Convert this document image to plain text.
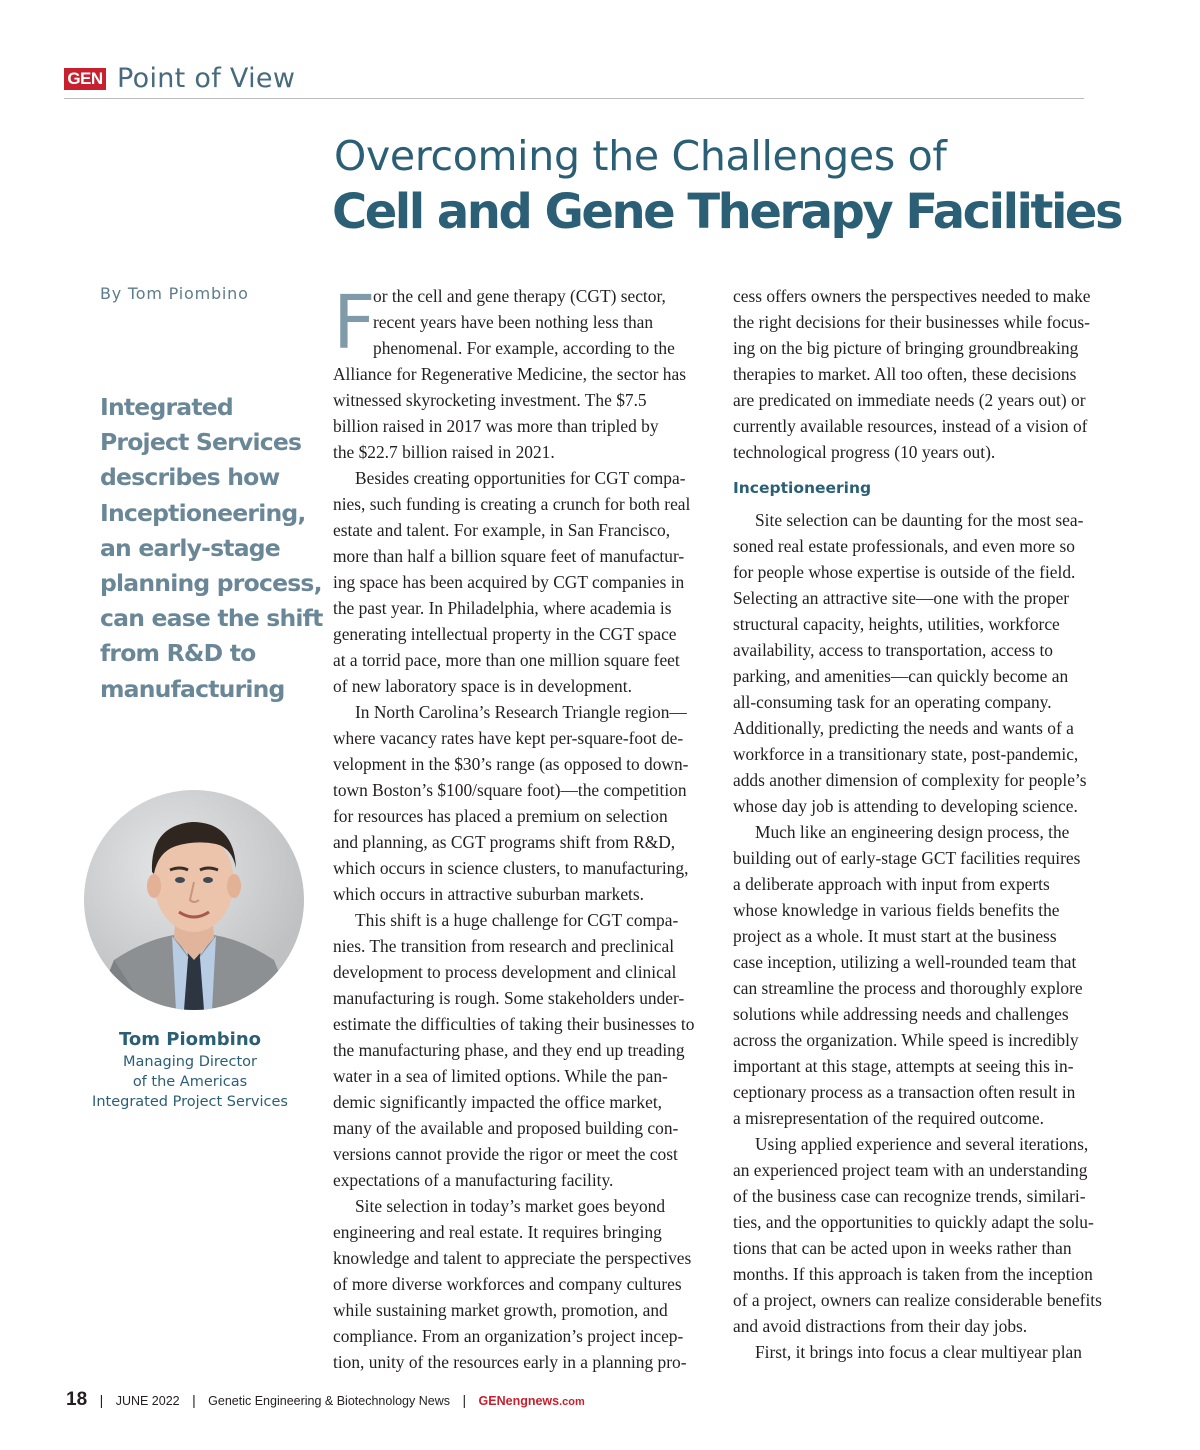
GEN Point of View
Overcoming the Challenges of
Cell and Gene Therapy Facilities
By Tom Piombino
Integrated
Project Services
describes how
Inceptioneering,
an early-stage
planning process,
can ease the shift
from R&D to
manufacturing
Tom Piombino
Managing Director
of the Americas
Integrated Project Services
F
or the cell and gene therapy (CGT) sector,
recent years have been nothing less than
phenomenal. For example, according to the
Alliance for Regenerative Medicine, the sector has
witnessed skyrocketing investment. The $7.5
billion raised in 2017 was more than tripled by
the $22.7 billion raised in 2021.
Besides creating opportunities for CGT compa-
nies, such funding is creating a crunch for both real
estate and talent. For example, in San Francisco,
more than half a billion square feet of manufactur-
ing space has been acquired by CGT companies in
the past year. In Philadelphia, where academia is
generating intellectual property in the CGT space
at a torrid pace, more than one million square feet
of new laboratory space is in development.
In North Carolina’s Research Triangle region—
where vacancy rates have kept per-square-foot de-
velopment in the $30’s range (as opposed to down-
town Boston’s $100/square foot)—the competition
for resources has placed a premium on selection
and planning, as CGT programs shift from R&D,
which occurs in science clusters, to manufacturing,
which occurs in attractive suburban markets.
This shift is a huge challenge for CGT compa-
nies. The transition from research and preclinical
development to process development and clinical
manufacturing is rough. Some stakeholders under-
estimate the difficulties of taking their businesses to
the manufacturing phase, and they end up treading
water in a sea of limited options. While the pan-
demic significantly impacted the office market,
many of the available and proposed building con-
versions cannot provide the rigor or meet the cost
expectations of a manufacturing facility.
Site selection in today’s market goes beyond
engineering and real estate. It requires bringing
knowledge and talent to appreciate the perspectives
of more diverse workforces and company cultures
while sustaining market growth, promotion, and
compliance. From an organization’s project incep-
tion, unity of the resources early in a planning pro-
cess offers owners the perspectives needed to make
the right decisions for their businesses while focus-
ing on the big picture of bringing groundbreaking
therapies to market. All too often, these decisions
are predicated on immediate needs (2 years out) or
currently available resources, instead of a vision of
technological progress (10 years out).
Inceptioneering
Site selection can be daunting for the most sea-
soned real estate professionals, and even more so
for people whose expertise is outside of the field.
Selecting an attractive site—one with the proper
structural capacity, heights, utilities, workforce
availability, access to transportation, access to
parking, and amenities—can quickly become an
all-consuming task for an operating company.
Additionally, predicting the needs and wants of a
workforce in a transitionary state, post-pandemic,
adds another dimension of complexity for people’s
whose day job is attending to developing science.
Much like an engineering design process, the
building out of early-stage GCT facilities requires
a deliberate approach with input from experts
whose knowledge in various fields benefits the
project as a whole. It must start at the business
case inception, utilizing a well-rounded team that
can streamline the process and thoroughly explore
solutions while addressing needs and challenges
across the organization. While speed is incredibly
important at this stage, attempts at seeing this in-
ceptionary process as a transaction often result in
a misrepresentation of the required outcome.
Using applied experience and several iterations,
an experienced project team with an understanding
of the business case can recognize trends, similari-
ties, and the opportunities to quickly adapt the solu-
tions that can be acted upon in weeks rather than
months. If this approach is taken from the inception
of a project, owners can realize considerable benefits
and avoid distractions from their day jobs.
First, it brings into focus a clear multiyear plan
18 | JUNE 2022 | Genetic Engineering & Biotechnology News | GENengnews.com
